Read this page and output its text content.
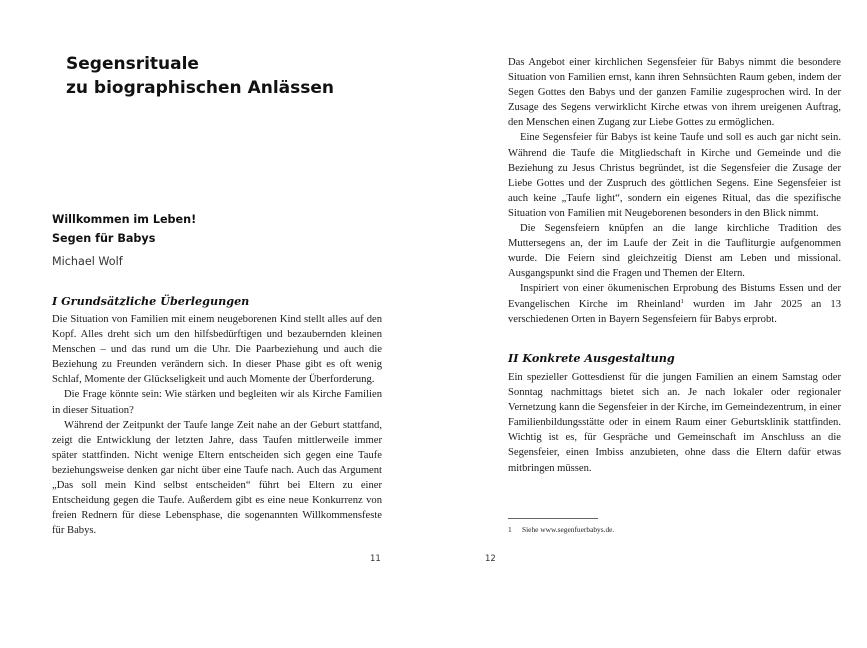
Segensrituale
zu biographischen Anlässen
Willkommen im Leben!
Segen für Babys
Michael Wolf
I Grundsätzliche Überlegungen

Die Situation von Familien mit einem neugeborenen Kind stellt alles auf den Kopf. Alles dreht sich um den hilfsbedürftigen und bezaubernden kleinen Menschen – und das rund um die Uhr. Die Paarbeziehung und auch die Beziehung zu Freunden verändern sich. In dieser Phase gibt es oft wenig Schlaf, Momente der Glückseligkeit und auch Momente der Überforderung.

Die Frage könnte sein: Wie stärken und begleiten wir als Kirche Familien in dieser Situation?

Während der Zeitpunkt der Taufe lange Zeit nahe an der Geburt stattfand, zeigt die Entwicklung der letzten Jahre, dass Taufen mittlerweile immer später stattfinden. Nicht wenige Eltern entscheiden sich gegen eine Taufe beziehungsweise denken gar nicht über eine Taufe nach. Auch das Argument „Das soll mein Kind selbst entscheiden“ führt bei Eltern zu einer Entscheidung gegen die Taufe. Außerdem gibt es eine neue Konkurrenz von freien Rednern für diese Lebensphase, die sogenannten Willkommensfeste für Babys.

11

Das Angebot einer kirchlichen Segensfeier für Babys nimmt die besondere Situation von Familien ernst, kann ihren Sehnsüchten Raum geben, indem der Segen Gottes den Babys und der ganzen Familie zugesprochen wird. In der Zusage des Segens verwirklicht Kirche etwas von ihrem ureigenen Auftrag, den Menschen einen Zugang zur Liebe Gottes zu ermöglichen.

Eine Segensfeier für Babys ist keine Taufe und soll es auch gar nicht sein. Während die Taufe die Mitgliedschaft in Kirche und Gemeinde und die Beziehung zu Jesus Christus begründet, ist die Segensfeier die Zusage der Liebe Gottes und der Zuspruch des göttlichen Segens. Eine Segensfeier ist auch keine „Taufe light“, sondern ein eigenes Ritual, das die spezifische Situation von Familien mit Neugeborenen besonders in den Blick nimmt.

Die Segensfeiern knüpfen an die lange kirchliche Tradition des Muttersegens an, der im Laufe der Zeit in die Taufliturgie aufgenommen wurde. Die Feiern sind gleichzeitig Dienst am Leben und missional. Ausgangspunkt sind die Fragen und Themen der Eltern.

Inspiriert von einer ökumenischen Erprobung des Bistums Essen und der Evangelischen Kirche im Rheinland$^1$ wurden im Jahr 2025 an 13 verschiedenen Orten in Bayern Segensfeiern für Babys erprobt.

II Konkrete Ausgestaltung

Ein spezieller Gottesdienst für die jungen Familien an einem Samstag oder Sonntag nachmittags bietet sich an. Je nach lokaler oder regionaler Vernetzung kann die Segensfeier in der Kirche, im Gemeindezentrum, in einer Familienbildungsstätte oder in einem Raum einer Geburtsklinik stattfinden. Wichtig ist es, für Gespräche und Gemeinschaft im Anschluss an die Segensfeier, einen Imbiss anzubieten, ohne dass die Eltern dafür etwas mitbringen müssen.

1 Siehe www.segenfuerbabys.de.
12
